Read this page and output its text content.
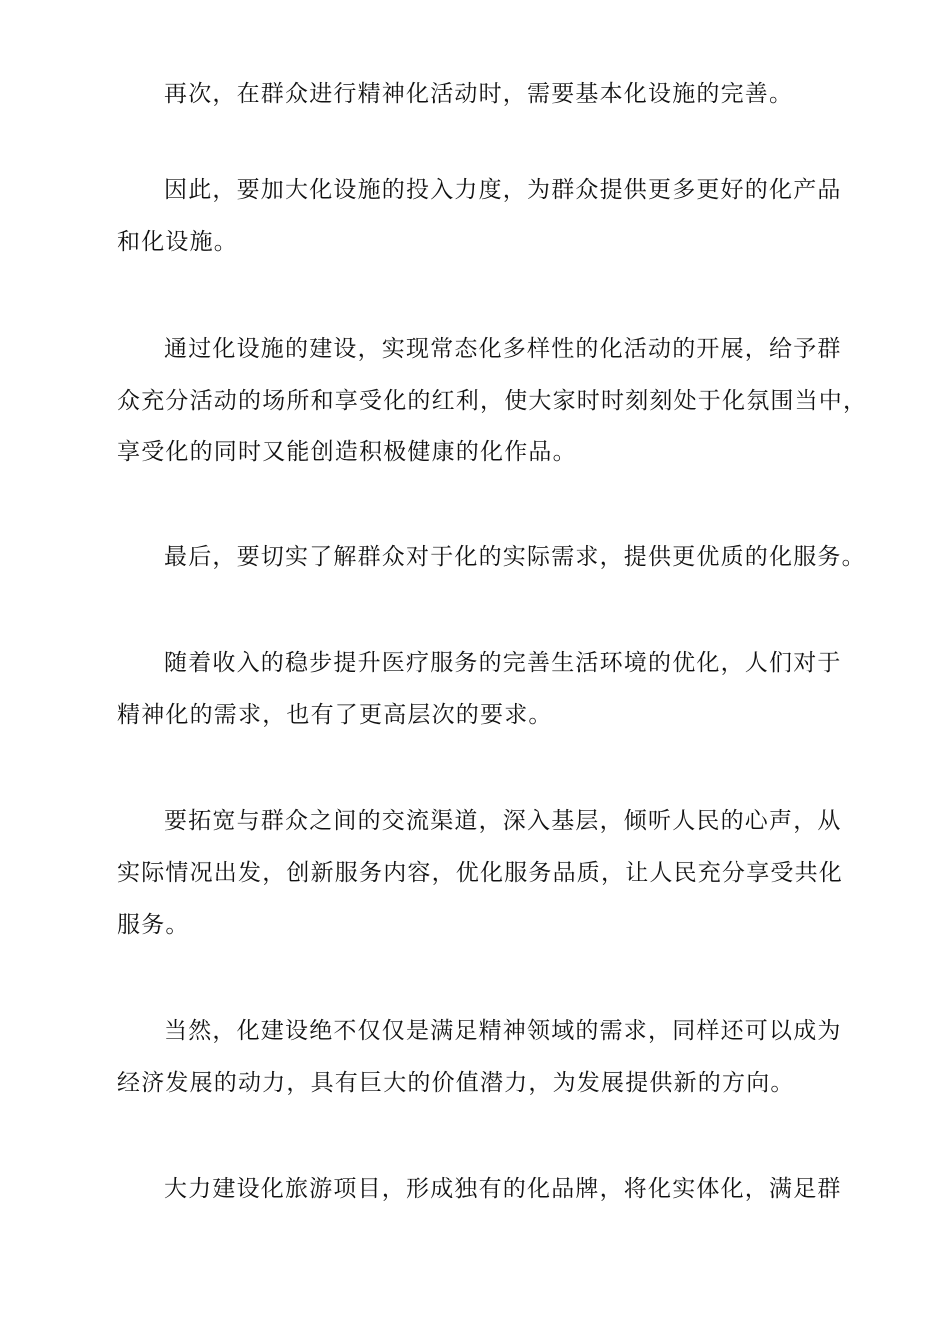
再次，在群众进行精神化活动时，需要基本化设施的完善。

因此，要加大化设施的投入力度，为群众提供更多更好的化产品

和化设施。

通过化设施的建设，实现常态化多样性的化活动的开展，给予群

众充分活动的场所和享受化的红利，使大家时时刻刻处于化氛围当中，

享受化的同时又能创造积极健康的化作品。

最后，要切实了解群众对于化的实际需求，提供更优质的化服务。

随着收入的稳步提升医疗服务的完善生活环境的优化，人们对于

精神化的需求，也有了更高层次的要求。

要拓宽与群众之间的交流渠道，深入基层，倾听人民的心声，从

实际情况出发，创新服务内容，优化服务品质，让人民充分享受共化

服务。

当然，化建设绝不仅仅是满足精神领域的需求，同样还可以成为

经济发展的动力，具有巨大的价值潜力，为发展提供新的方向。

大力建设化旅游项目，形成独有的化品牌，将化实体化，满足群
